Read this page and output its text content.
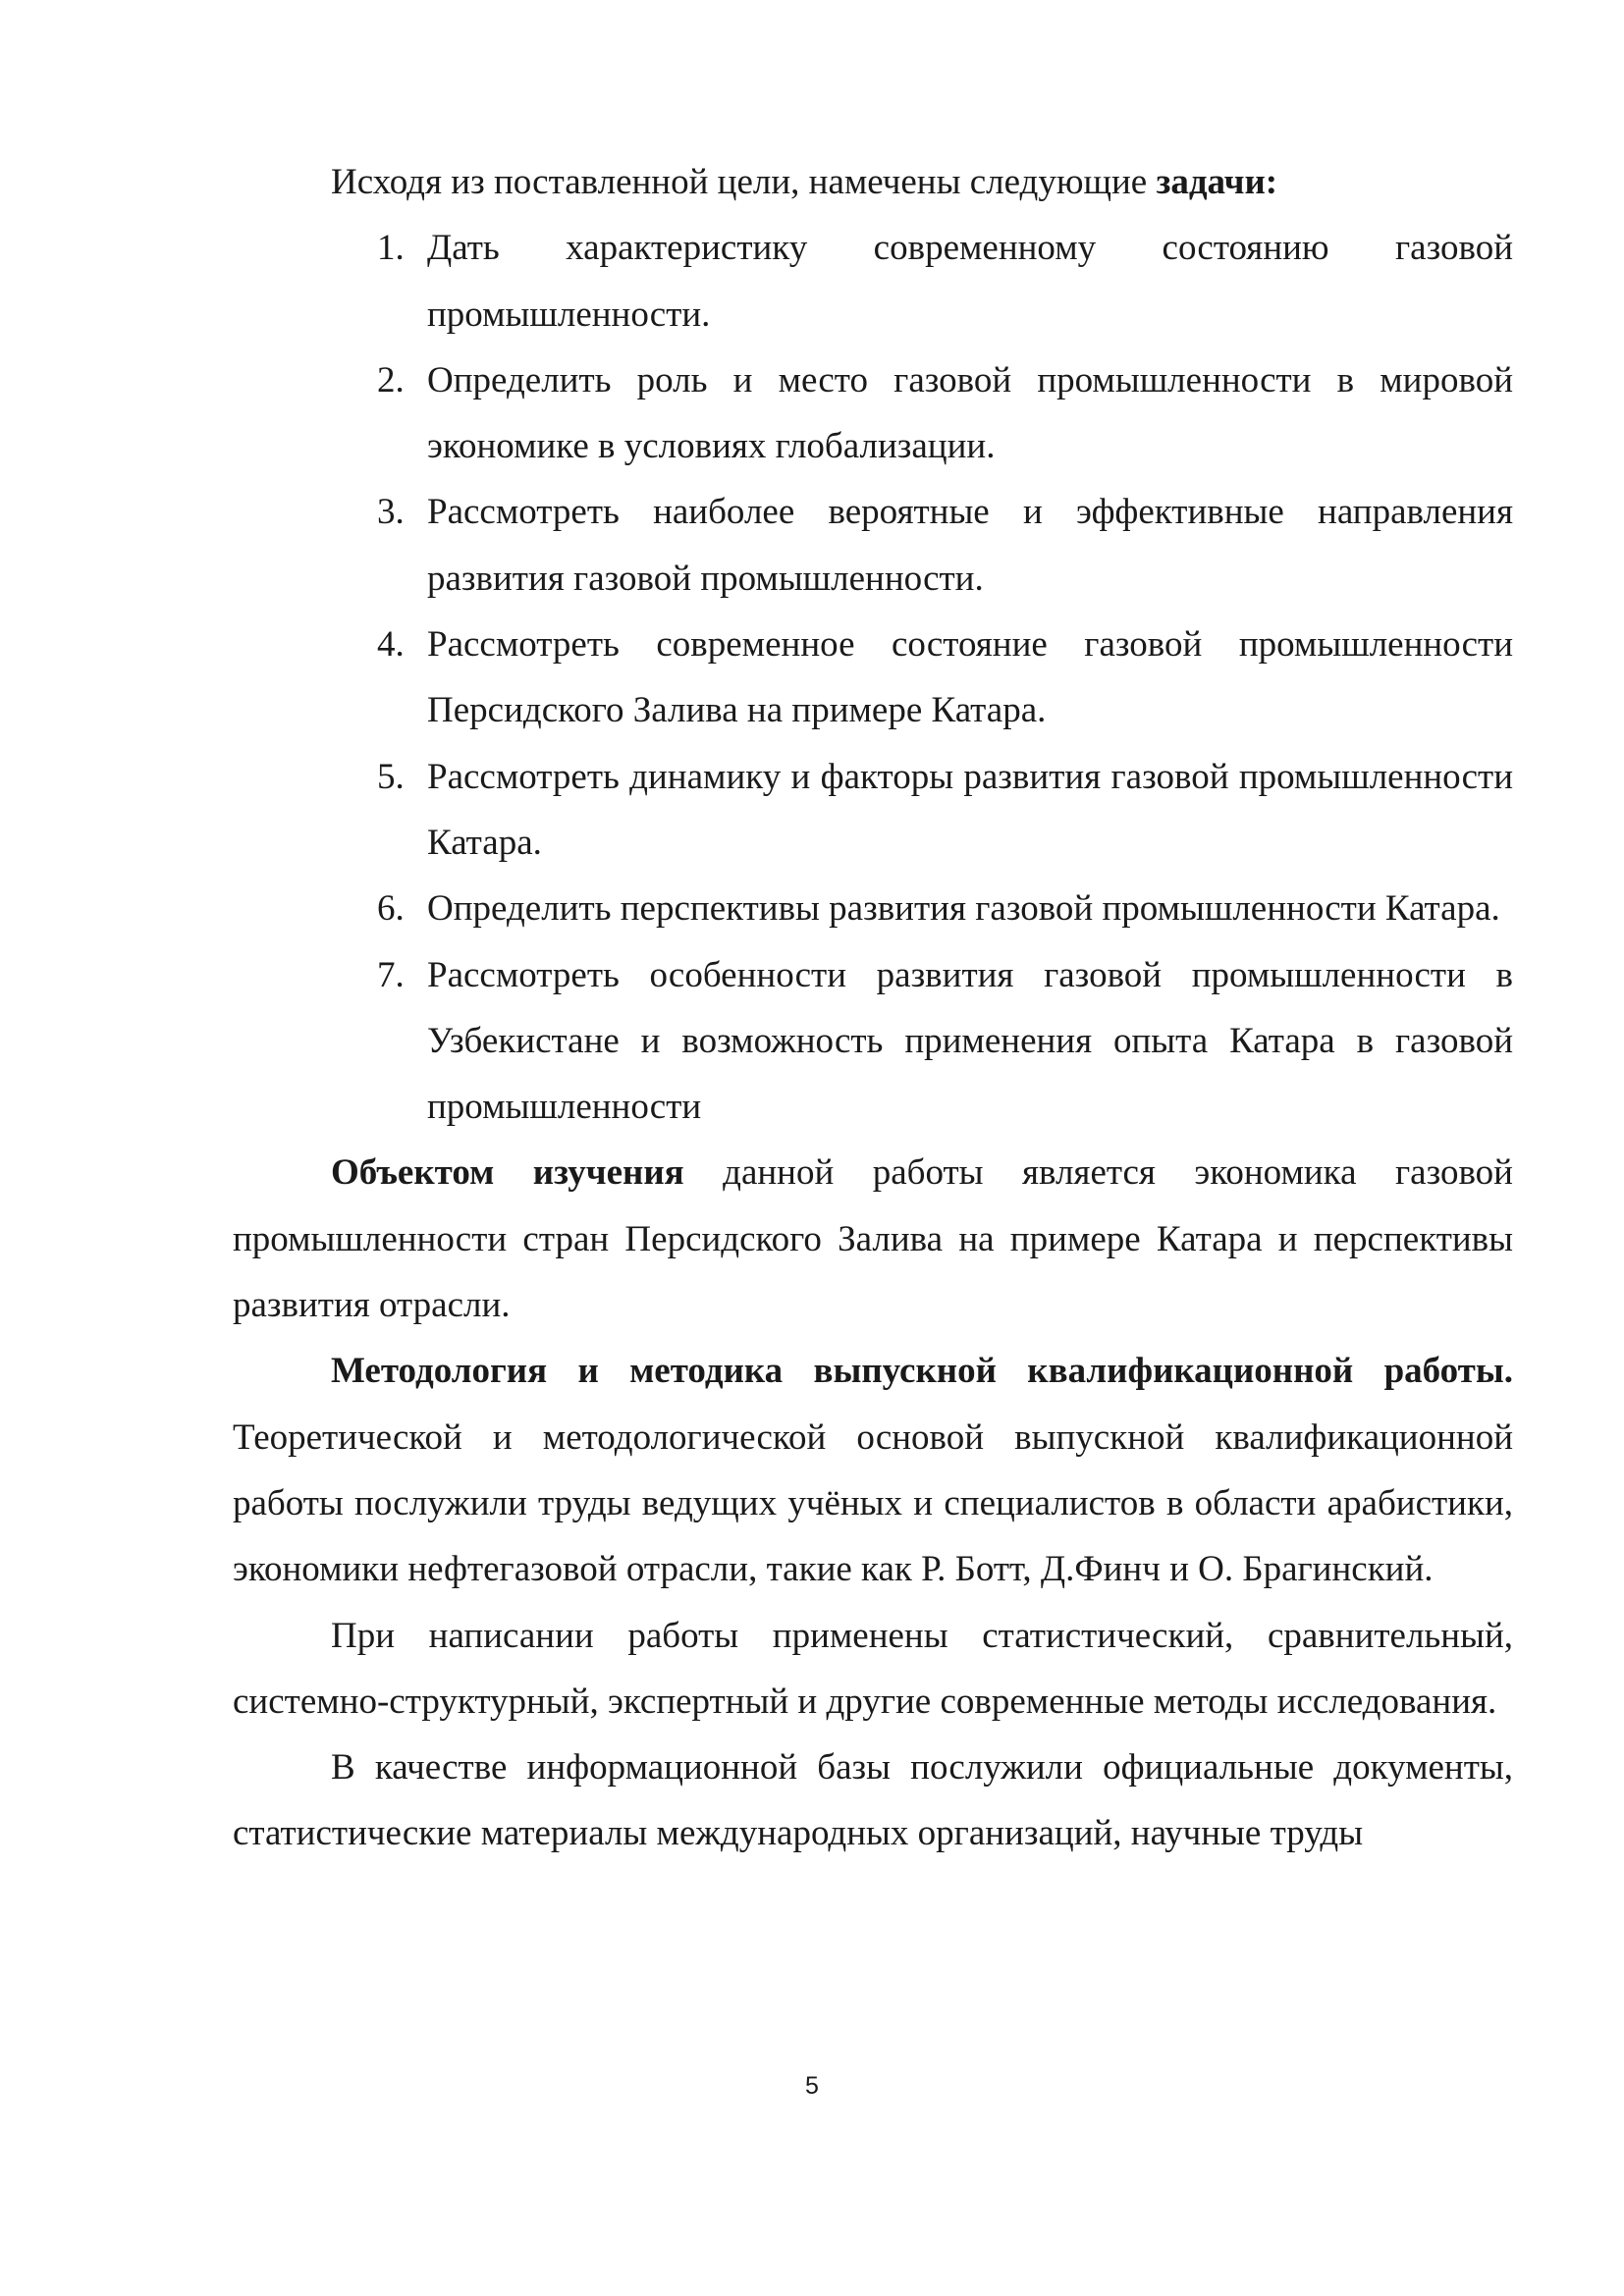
Исходя из поставленной цели, намечены следующие задачи:

1. Дать характеристику современному состоянию газовой промышленности.
2. Определить роль и место газовой промышленности в мировой экономике в условиях глобализации.
3. Рассмотреть наиболее вероятные и эффективные направления развития газовой промышленности.
4. Рассмотреть современное состояние газовой промышленности Персидского Залива на примере Катара.
5. Рассмотреть динамику и факторы развития газовой промышленности Катара.
6. Определить перспективы развития газовой промышленности Катара.
7. Рассмотреть особенности развития газовой промышленности в Узбекистане и возможность применения опыта Катара в газовой промышленности

Объектом изучения данной работы является экономика газовой промышленности стран Персидского Залива на примере Катара и перспективы развития отрасли.

Методология и методика выпускной квалификационной работы. Теоретической и методологической основой выпускной квалификационной работы послужили труды ведущих учёных и специалистов в области арабистики, экономики нефтегазовой отрасли, такие как Р. Ботт, Д.Финч и О. Брагинский.

При написании работы применены статистический, сравнительный, системно-структурный, экспертный и другие современные методы исследования.

В качестве информационной базы послужили официальные документы, статистические материалы международных организаций, научные труды

5
